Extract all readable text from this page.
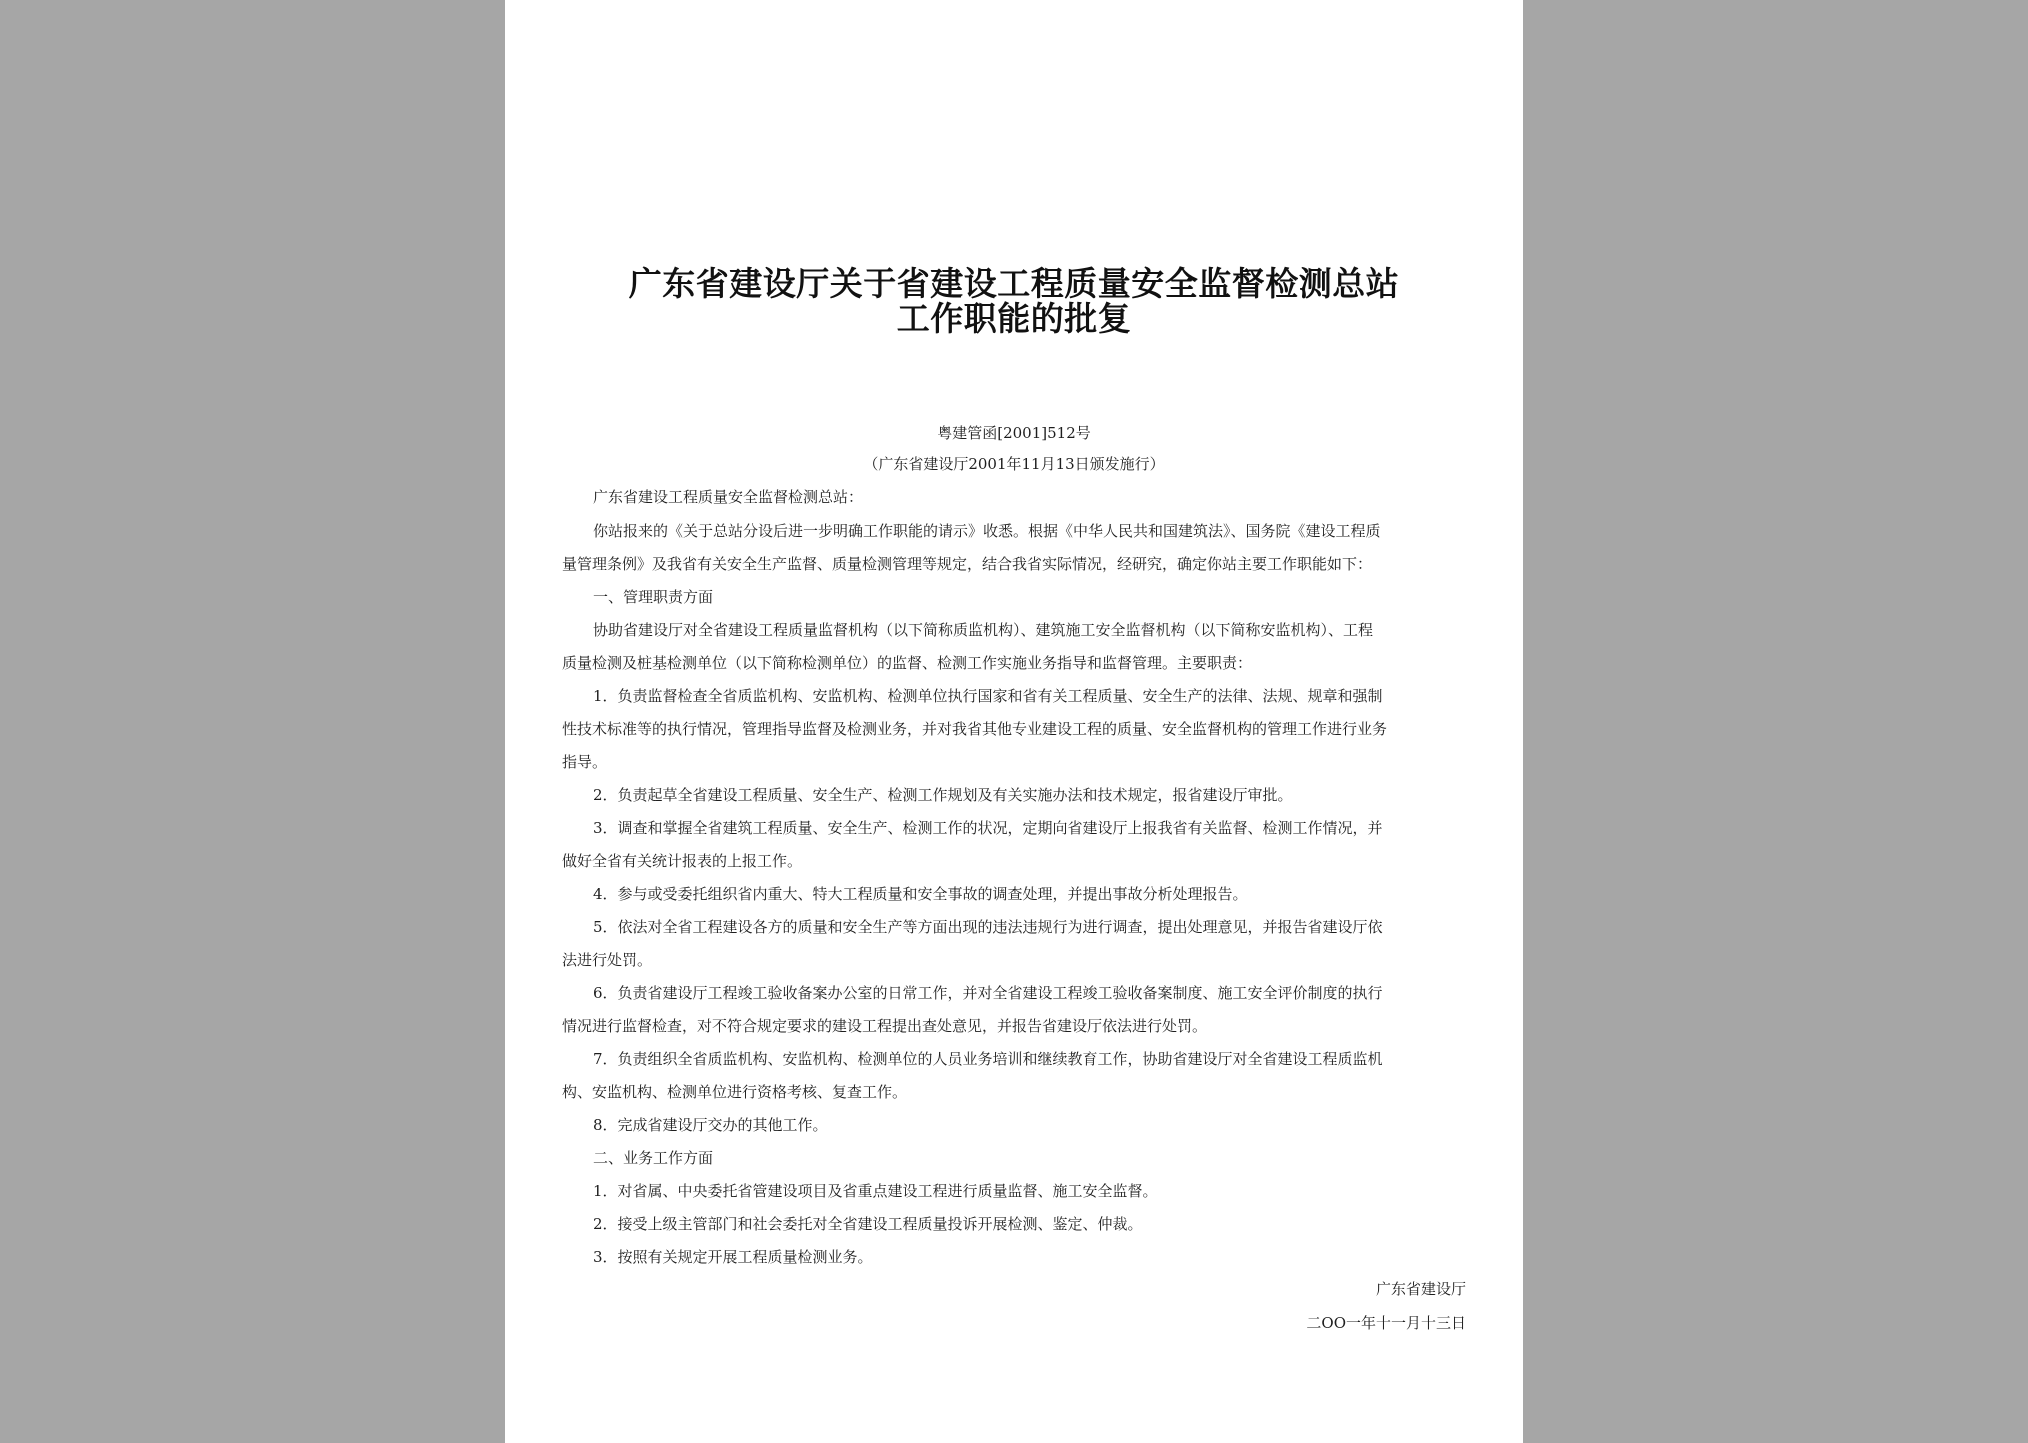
广东省建设厅关于省建设工程质量安全监督检测总站
工作职能的批复
粤建管函[2001]512号
（广东省建设厅2001年11月13日颁发施行）
广东省建设工程质量安全监督检测总站：
你站报来的《关于总站分设后进一步明确工作职能的请示》收悉。根据《中华人民共和国建筑法》、国务院《建设工程质
量管理条例》及我省有关安全生产监督、质量检测管理等规定，结合我省实际情况，经研究，确定你站主要工作职能如下：
一、管理职责方面
协助省建设厅对全省建设工程质量监督机构（以下简称质监机构）、建筑施工安全监督机构（以下简称安监机构）、工程
质量检测及桩基检测单位（以下简称检测单位）的监督、检测工作实施业务指导和监督管理。主要职责：
1．负责监督检查全省质监机构、安监机构、检测单位执行国家和省有关工程质量、安全生产的法律、法规、规章和强制
性技术标准等的执行情况，管理指导监督及检测业务，并对我省其他专业建设工程的质量、安全监督机构的管理工作进行业务
指导。
2．负责起草全省建设工程质量、安全生产、检测工作规划及有关实施办法和技术规定，报省建设厅审批。
3．调查和掌握全省建筑工程质量、安全生产、检测工作的状况，定期向省建设厅上报我省有关监督、检测工作情况，并
做好全省有关统计报表的上报工作。
4．参与或受委托组织省内重大、特大工程质量和安全事故的调查处理，并提出事故分析处理报告。
5．依法对全省工程建设各方的质量和安全生产等方面出现的违法违规行为进行调查，提出处理意见，并报告省建设厅依
法进行处罚。
6．负责省建设厅工程竣工验收备案办公室的日常工作，并对全省建设工程竣工验收备案制度、施工安全评价制度的执行
情况进行监督检查，对不符合规定要求的建设工程提出查处意见，并报告省建设厅依法进行处罚。
7．负责组织全省质监机构、安监机构、检测单位的人员业务培训和继续教育工作，协助省建设厅对全省建设工程质监机
构、安监机构、检测单位进行资格考核、复查工作。
8．完成省建设厅交办的其他工作。
二、业务工作方面
1．对省属、中央委托省管建设项目及省重点建设工程进行质量监督、施工安全监督。
2．接受上级主管部门和社会委托对全省建设工程质量投诉开展检测、鉴定、仲裁。
3．按照有关规定开展工程质量检测业务。
广东省建设厅
二OO一年十一月十三日
